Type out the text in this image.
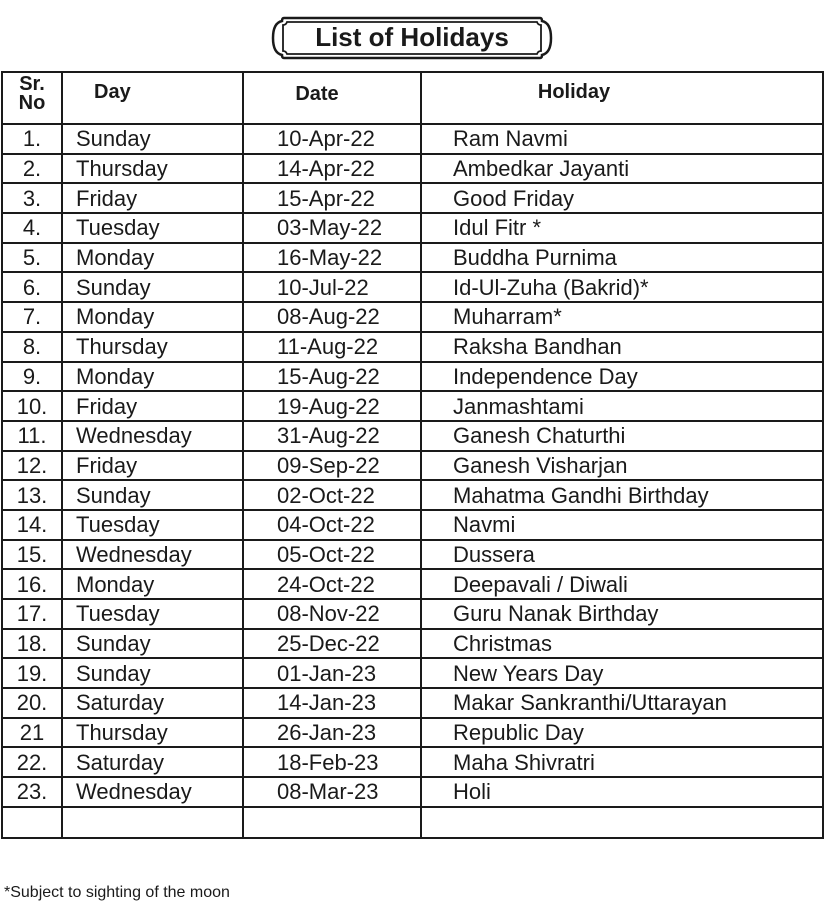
List of Holidays
Sr.
No	Day	Date	Holiday

1.	Sunday	10-Apr-22	Ram Navmi
2.	Thursday	14-Apr-22	Ambedkar Jayanti
3.	Friday	15-Apr-22	Good Friday
4.	Tuesday	03-May-22	Idul Fitr *
5.	Monday	16-May-22	Buddha Purnima
6.	Sunday	10-Jul-22	Id-Ul-Zuha (Bakrid)*
7.	Monday	08-Aug-22	Muharram*
8.	Thursday	11-Aug-22	Raksha Bandhan
9.	Monday	15-Aug-22	Independence Day
10.	Friday	19-Aug-22	Janmashtami
11.	Wednesday	31-Aug-22	Ganesh Chaturthi
12.	Friday	09-Sep-22	Ganesh Visharjan
13.	Sunday	02-Oct-22	Mahatma Gandhi Birthday
14.	Tuesday	04-Oct-22	Navmi
15.	Wednesday	05-Oct-22	Dussera
16.	Monday	24-Oct-22	Deepavali / Diwali
17.	Tuesday	08-Nov-22	Guru Nanak Birthday
18.	Sunday	25-Dec-22	Christmas
19.	Sunday	01-Jan-23	New Years Day
20.	Saturday	14-Jan-23	Makar Sankranthi/Uttarayan
21	Thursday	26-Jan-23	Republic Day
22.	Saturday	18-Feb-23	Maha Shivratri
23.	Wednesday	08-Mar-23	Holi

*Subject to sighting of the moon
